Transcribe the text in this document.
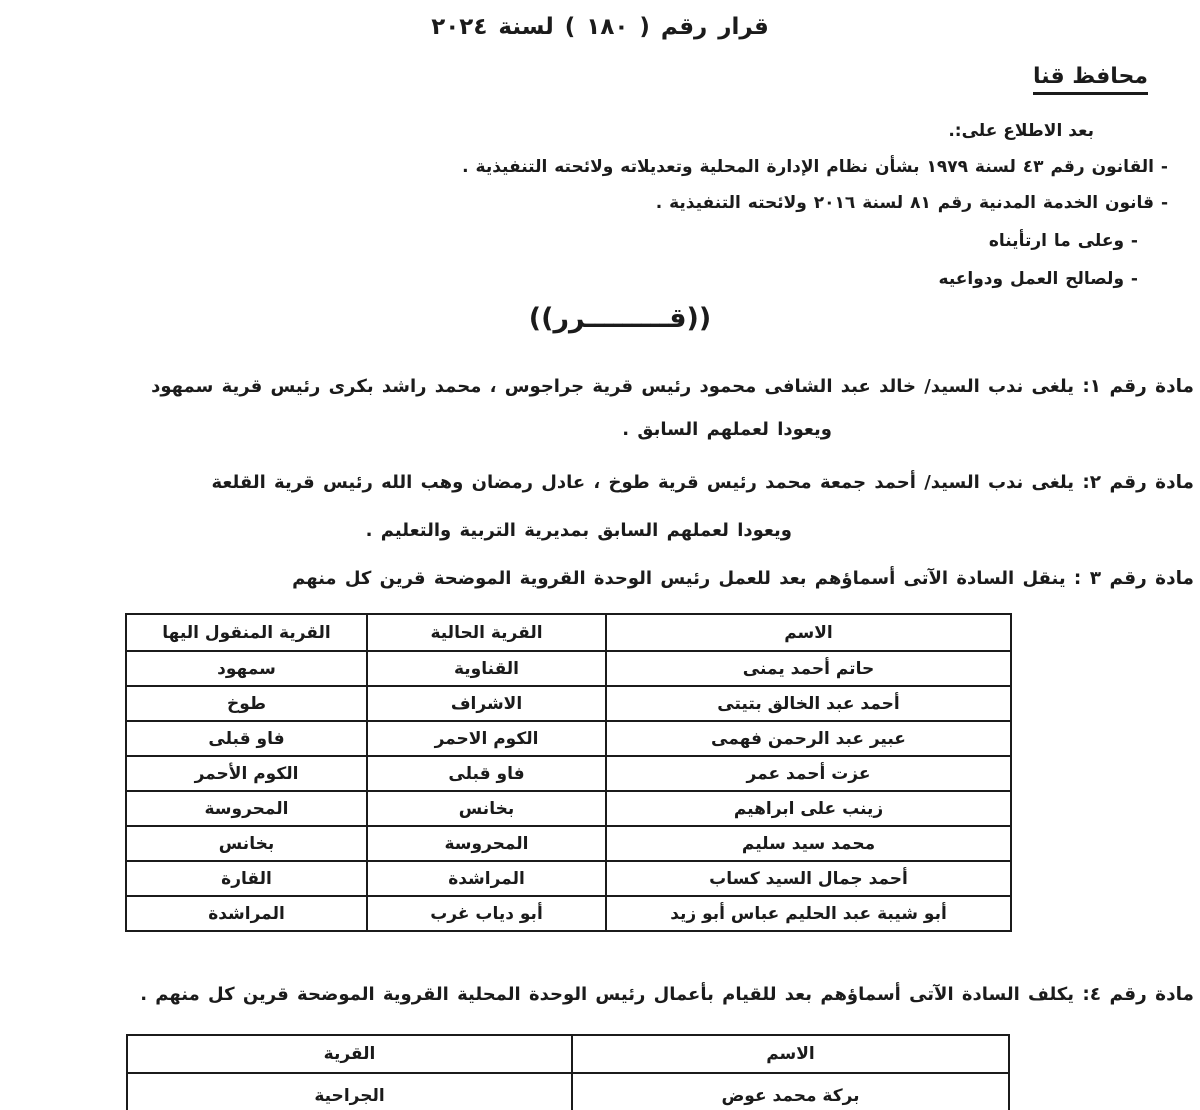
قرار رقم ( ١٨٠ ) لسنة ٢٠٢٤
محافظ قنا
بعد الاطلاع على:.
- القانون رقم ٤٣ لسنة ١٩٧٩ بشأن نظام الإدارة المحلية وتعديلاته ولائحته التنفيذية .
- قانون الخدمة المدنية رقم ٨١ لسنة ٢٠١٦ ولائحته التنفيذية .
- وعلى ما ارتأيناه
- ولصالح العمل ودواعيه
((قـــــــــرر))
مادة رقم ١: يلغى ندب السيد/ خالد عبد الشافى محمود رئيس قرية جراجوس ، محمد راشد بكرى رئيس قرية سمهود
ويعودا لعملهم السابق .
مادة رقم ٢: يلغى ندب السيد/ أحمد جمعة محمد رئيس قرية طوخ ، عادل رمضان وهب الله رئيس قرية القلعة
ويعودا لعملهم السابق بمديرية التربية والتعليم .
مادة رقم ٣ : ينقل السادة الآتى أسماؤهم بعد للعمل رئيس الوحدة القروية الموضحة قرين كل منهم
الاسم	القرية الحالية	القرية المنقول اليها
حاتم أحمد يمنى	القناوية	سمهود
أحمد عبد الخالق بتيتى	الاشراف	طوخ
عبير عبد الرحمن فهمى	الكوم الاحمر	فاو قبلى
عزت أحمد عمر	فاو قبلى	الكوم الأحمر
زينب على ابراهيم	بخانس	المحروسة
محمد سيد سليم	المحروسة	بخانس
أحمد جمال السيد كساب	المراشدة	القارة
أبو شيبة عبد الحليم عباس أبو زيد	أبو دياب غرب	المراشدة
مادة رقم ٤: يكلف السادة الآتى أسماؤهم بعد للقيام بأعمال رئيس الوحدة المحلية القروية الموضحة قرين كل منهم .
الاسم	القرية
بركة محمد عوض	الجراحية
